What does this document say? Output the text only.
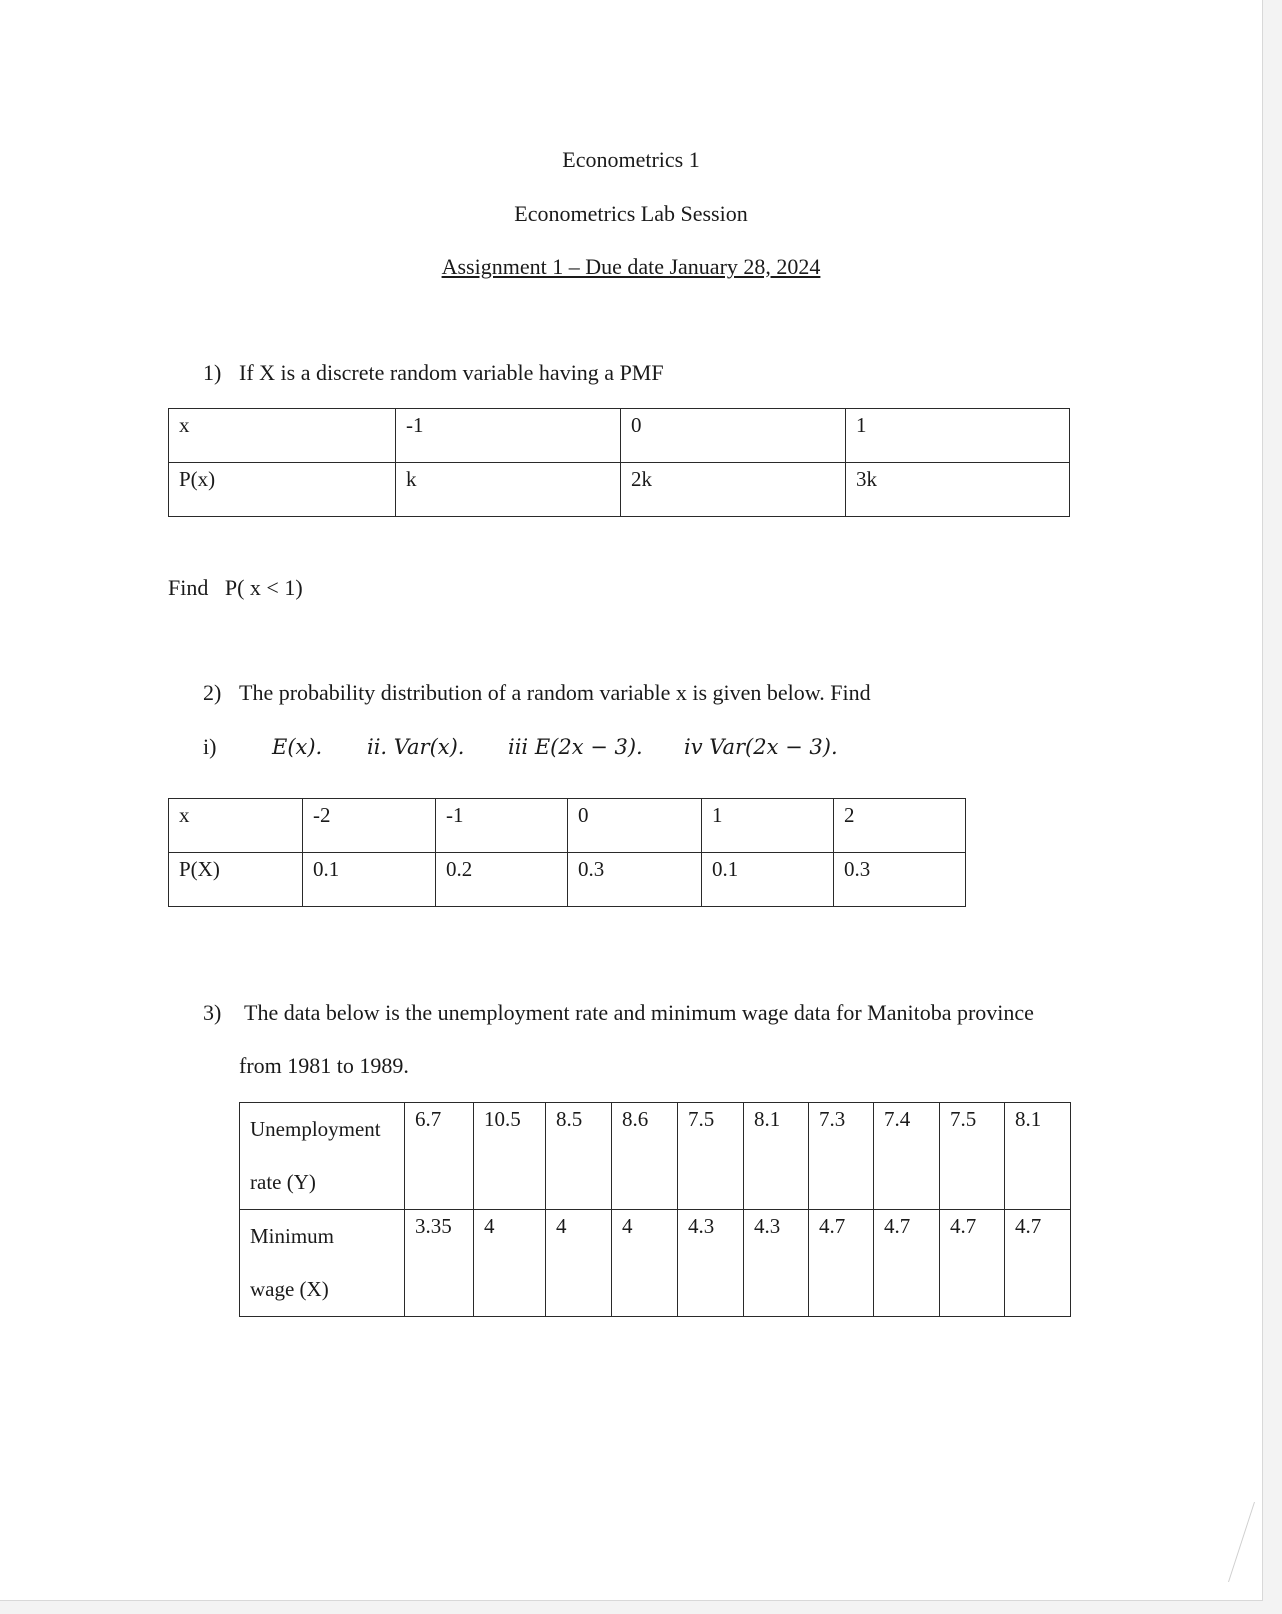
Econometrics 1
Econometrics Lab Session
Assignment 1 – Due date January 28, 2024
1) If X is a discrete random variable having a PMF
x	-1	0	1
P(x)	k	2k	3k
Find   P( x < 1)
2) The probability distribution of a random variable x is given below. Find
i)	E(x). ii. Var(x). iii E(2x − 3). iv Var(2x − 3).
x	-2	-1	0	1	2
P(X)	0.1	0.2	0.3	0.1	0.3
3) The data below is the unemployment rate and minimum wage data for Manitoba province
from 1981 to 1989.
Unemployment
rate (Y)	6.7	10.5	8.5	8.6	7.5	8.1	7.3	7.4	7.5	8.1
Minimum
wage (X)	3.35	4	4	4	4.3	4.3	4.7	4.7	4.7	4.7
